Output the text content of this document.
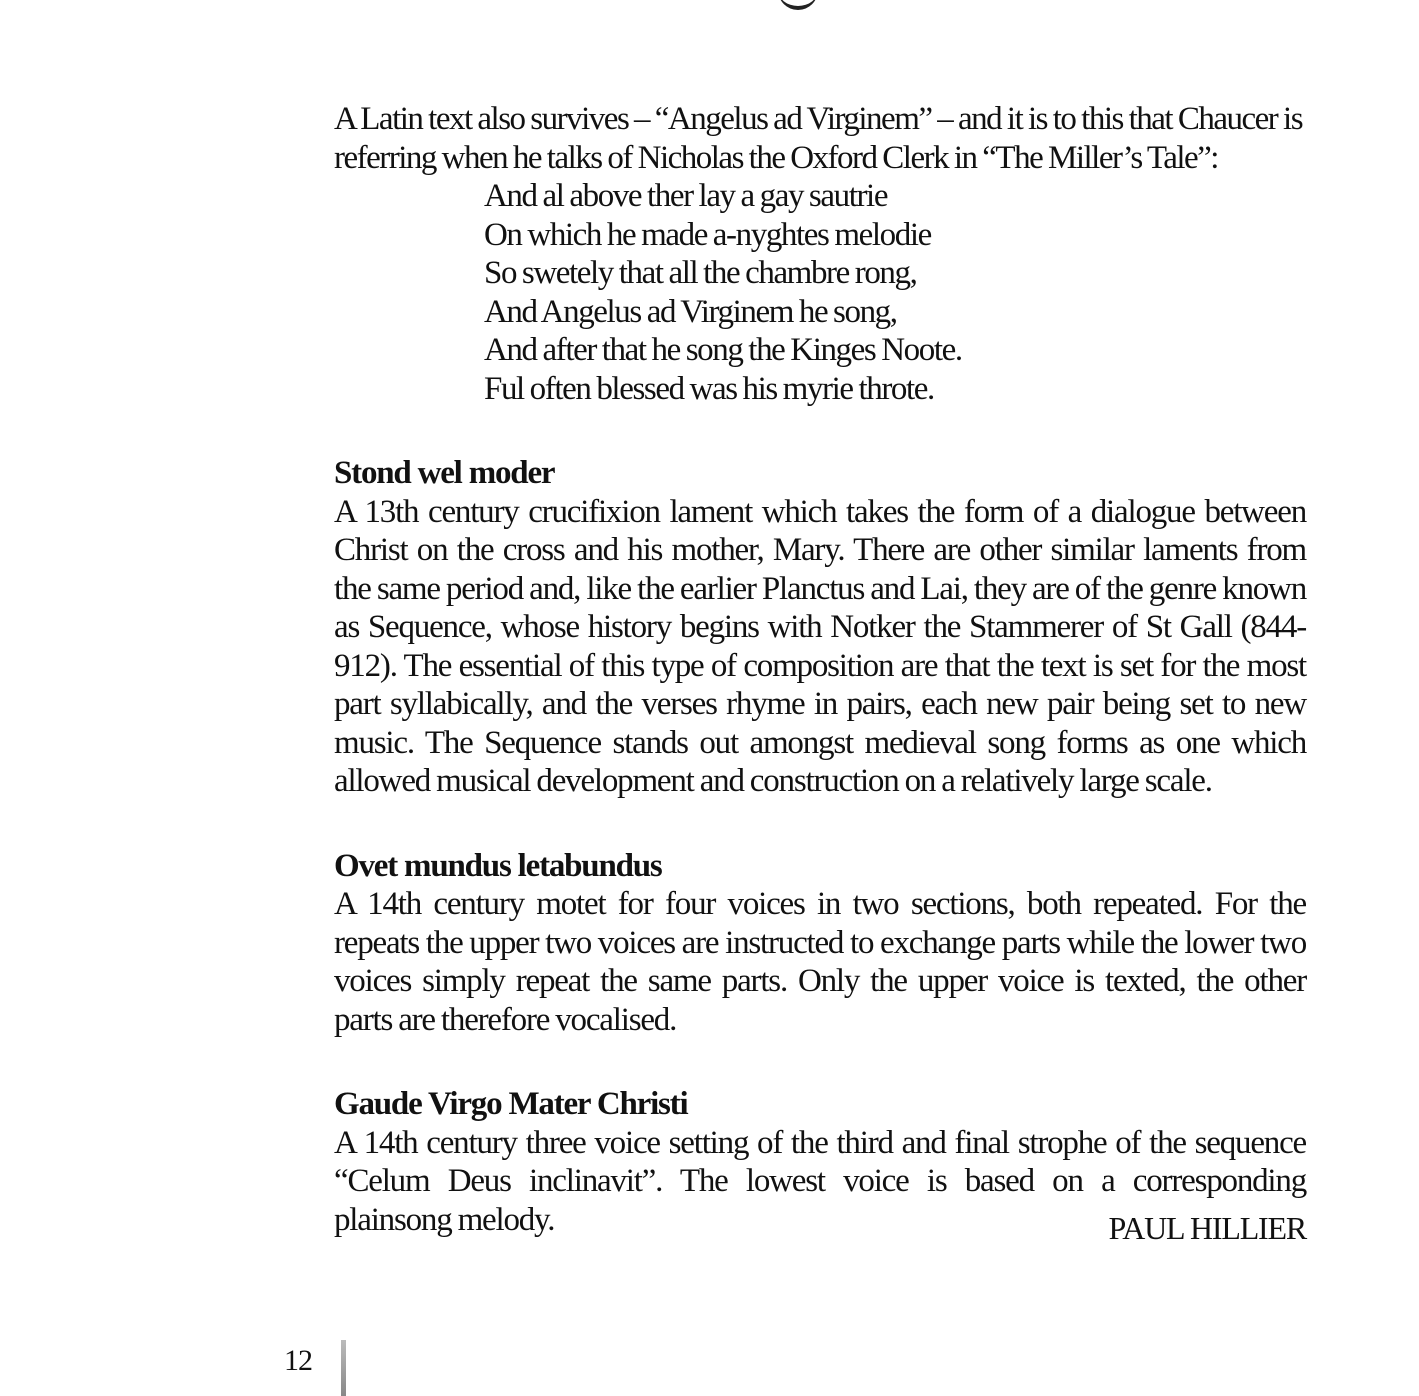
A Latin text also survives – “Angelus ad Virginem” – and it is to this that Chaucer is referring when he talks of Nicholas the Oxford Clerk in “The Miller’s Tale”:

And al above ther lay a gay sautrie
On which he made a-nyghtes melodie
So swetely that all the chambre rong,
And Angelus ad Virginem he song,
And after that he song the Kinges Noote.
Ful often blessed was his myrie throte.
Stond wel moder

A 13th century crucifixion lament which takes the form of a dialogue between Christ on the cross and his mother, Mary. There are other similar laments from the same period and, like the earlier Planctus and Lai, they are of the genre known as Sequence, whose history begins with Notker the Stammerer of St Gall (844-912). The essential of this type of composition are that the text is set for the most part syllabically, and the verses rhyme in pairs, each new pair being set to new music. The Sequence stands out amongst medieval song forms as one which allowed musical development and construction on a relatively large scale.

Ovet mundus letabundus

A 14th century motet for four voices in two sections, both repeated. For the repeats the upper two voices are instructed to exchange parts while the lower two voices simply repeat the same parts. Only the upper voice is texted, the other parts are therefore vocalised.

Gaude Virgo Mater Christi

A 14th century three voice setting of the third and final strophe of the sequence “Celum Deus inclinavit”. The lowest voice is based on a corresponding plainsong melody.	PAUL HILLIER
12
